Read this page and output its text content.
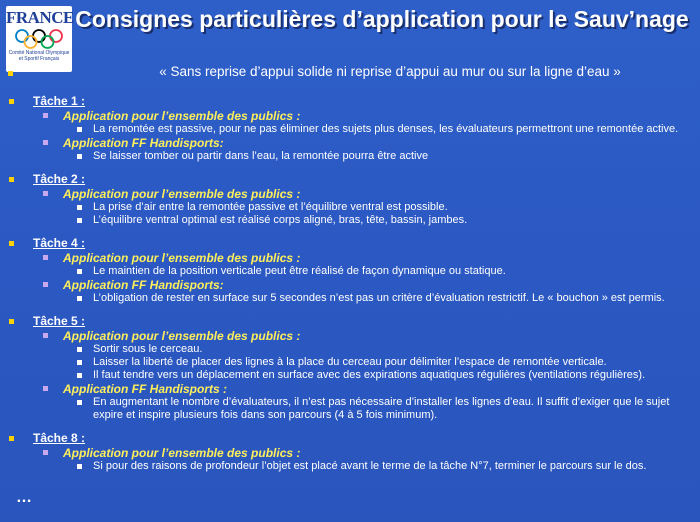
FRANCE
Comité National Olympique et Sportif Français
Consignes particulières d’application pour le Sauv’nage
« Sans reprise d’appui solide ni reprise d’appui au mur ou sur la ligne d’eau »
Tâche 1 :
Application pour l’ensemble des publics :
La remontée est passive, pour ne pas éliminer des sujets plus denses, les évaluateurs permettront une remontée active.
Application FF Handisports:
Se laisser tomber ou partir dans l’eau, la remontée pourra être active
Tâche 2 :
Application pour l’ensemble des publics :
La prise d’air entre la remontée passive et l’équilibre ventral est possible.
L’équilibre ventral optimal est réalisé corps aligné, bras, tête, bassin, jambes.
Tâche 4 :
Application pour l’ensemble des publics :
Le maintien de la position verticale peut être réalisé de façon dynamique ou statique.
Application FF Handisports:
L’obligation de rester en surface sur 5 secondes n’est pas un critère d’évaluation restrictif. Le « bouchon » est permis.
Tâche 5 :
Application pour l’ensemble des publics :
Sortir sous le cerceau.
Laisser la liberté de placer des lignes à la place du cerceau pour délimiter l’espace de remontée verticale.
Il faut tendre vers un déplacement en surface avec des expirations aquatiques régulières (ventilations régulières).
Application FF Handisports :
En augmentant le nombre d’évaluateurs, il n’est pas nécessaire d’installer les lignes d’eau. Il suffit d’exiger que le sujet expire et inspire plusieurs fois dans son parcours (4 à 5 fois minimum).
Tâche 8 :
Application pour l’ensemble des publics :
Si pour des raisons de profondeur l’objet est placé avant le terme de la tâche N°7, terminer le parcours sur le dos.
…
